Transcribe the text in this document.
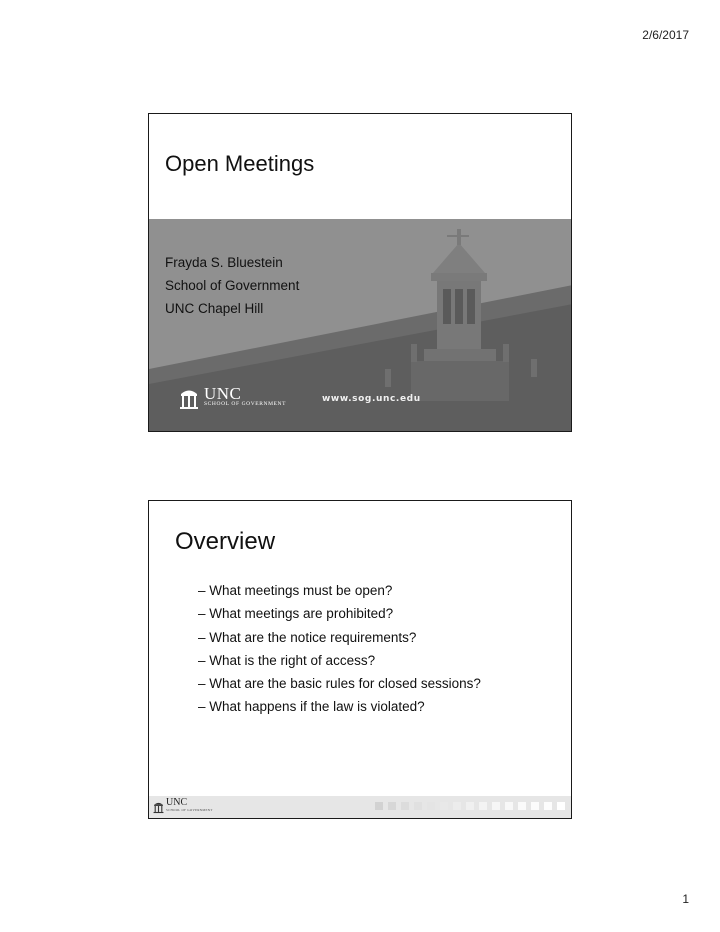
2/6/2017
Open Meetings
Frayda S. Bluestein
School of Government
UNC Chapel Hill
UNC
SCHOOL OF GOVERNMENT	www.sog.unc.edu
Overview
– What meetings must be open?
– What meetings are prohibited?
– What are the notice requirements?
– What is the right of access?
– What are the basic rules for closed sessions?
– What happens if the law is violated?
UNC
SCHOOL OF GOVERNMENT
1
